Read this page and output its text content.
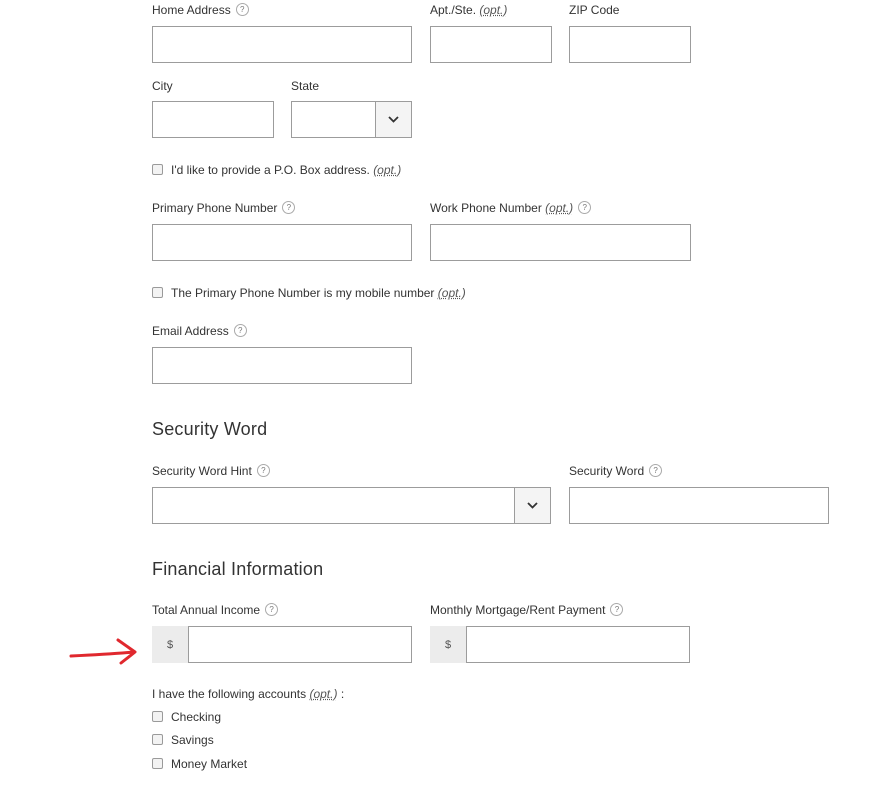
Home Address ?	Apt./Ste. (opt.)	ZIP Code
City	State
I'd like to provide a P.O. Box address. (opt.)
Primary Phone Number ?	Work Phone Number (opt.) ?
The Primary Phone Number is my mobile number (opt.)
Email Address ?
Security Word
Security Word Hint ?	Security Word ?
Financial Information
Total Annual Income ?	Monthly Mortgage/Rent Payment ?
$	$
I have the following accounts (opt.) :
Checking
Savings
Money Market
